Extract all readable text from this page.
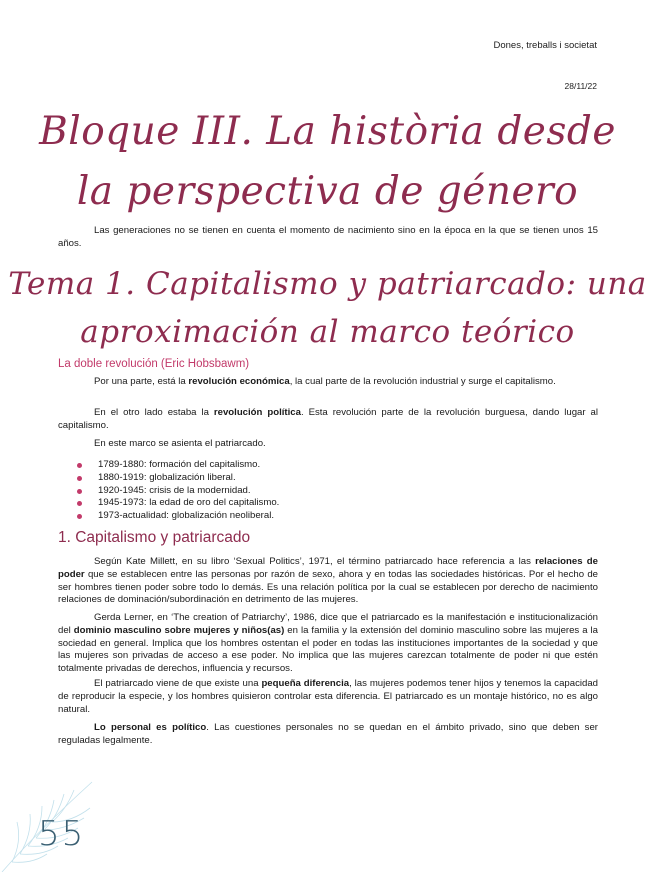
Dones, treballs i societat
28/11/22
Bloque III. La història desde
la perspectiva de género
Las generaciones no se tienen en cuenta el momento de nacimiento sino en la época en la que se tienen unos 15 años.
Tema 1. Capitalismo y patriarcado: una
aproximación al marco teórico
La doble revolución (Eric Hobsbawm)
Por una parte, está la revolución económica, la cual parte de la revolución industrial y surge el capitalismo.
En el otro lado estaba la revolución política. Esta revolución parte de la revolución burguesa, dando lugar al capitalismo.
En este marco se asienta el patriarcado.
1789-1880: formación del capitalismo.
1880-1919: globalización liberal.
1920-1945: crisis de la modernidad.
1945-1973: la edad de oro del capitalismo.
1973-actualidad: globalización neoliberal.
1. Capitalismo y patriarcado
Según Kate Millett, en su libro ‘Sexual Politics’, 1971, el término patriarcado hace referencia a las relaciones de poder que se establecen entre las personas por razón de sexo, ahora y en todas las sociedades históricas. Por el hecho de ser hombres tienen poder sobre todo lo demás. Es una relación política por la cual se establecen por derecho de nacimiento relaciones de dominación/subordinación en detrimento de las mujeres.
Gerda Lerner, en ‘The creation of Patriarchy’, 1986, dice que el patriarcado es la manifestación e institucionalización del dominio masculino sobre mujeres y niños(as) en la familia y la extensión del dominio masculino sobre las mujeres a la sociedad en general. Implica que los hombres ostentan el poder en todas las instituciones importantes de la sociedad y que las mujeres son privadas de acceso a ese poder. No implica que las mujeres carezcan totalmente de poder ni que estén totalmente privadas de derechos, influencia y recursos.
El patriarcado viene de que existe una pequeña diferencia, las mujeres podemos tener hijos y tenemos la capacidad de reproducir la especie, y los hombres quisieron controlar esta diferencia. El patriarcado es un montaje histórico, no es algo natural.
Lo personal es político. Las cuestiones personales no se quedan en el ámbito privado, sino que deben ser reguladas legalmente.
55
